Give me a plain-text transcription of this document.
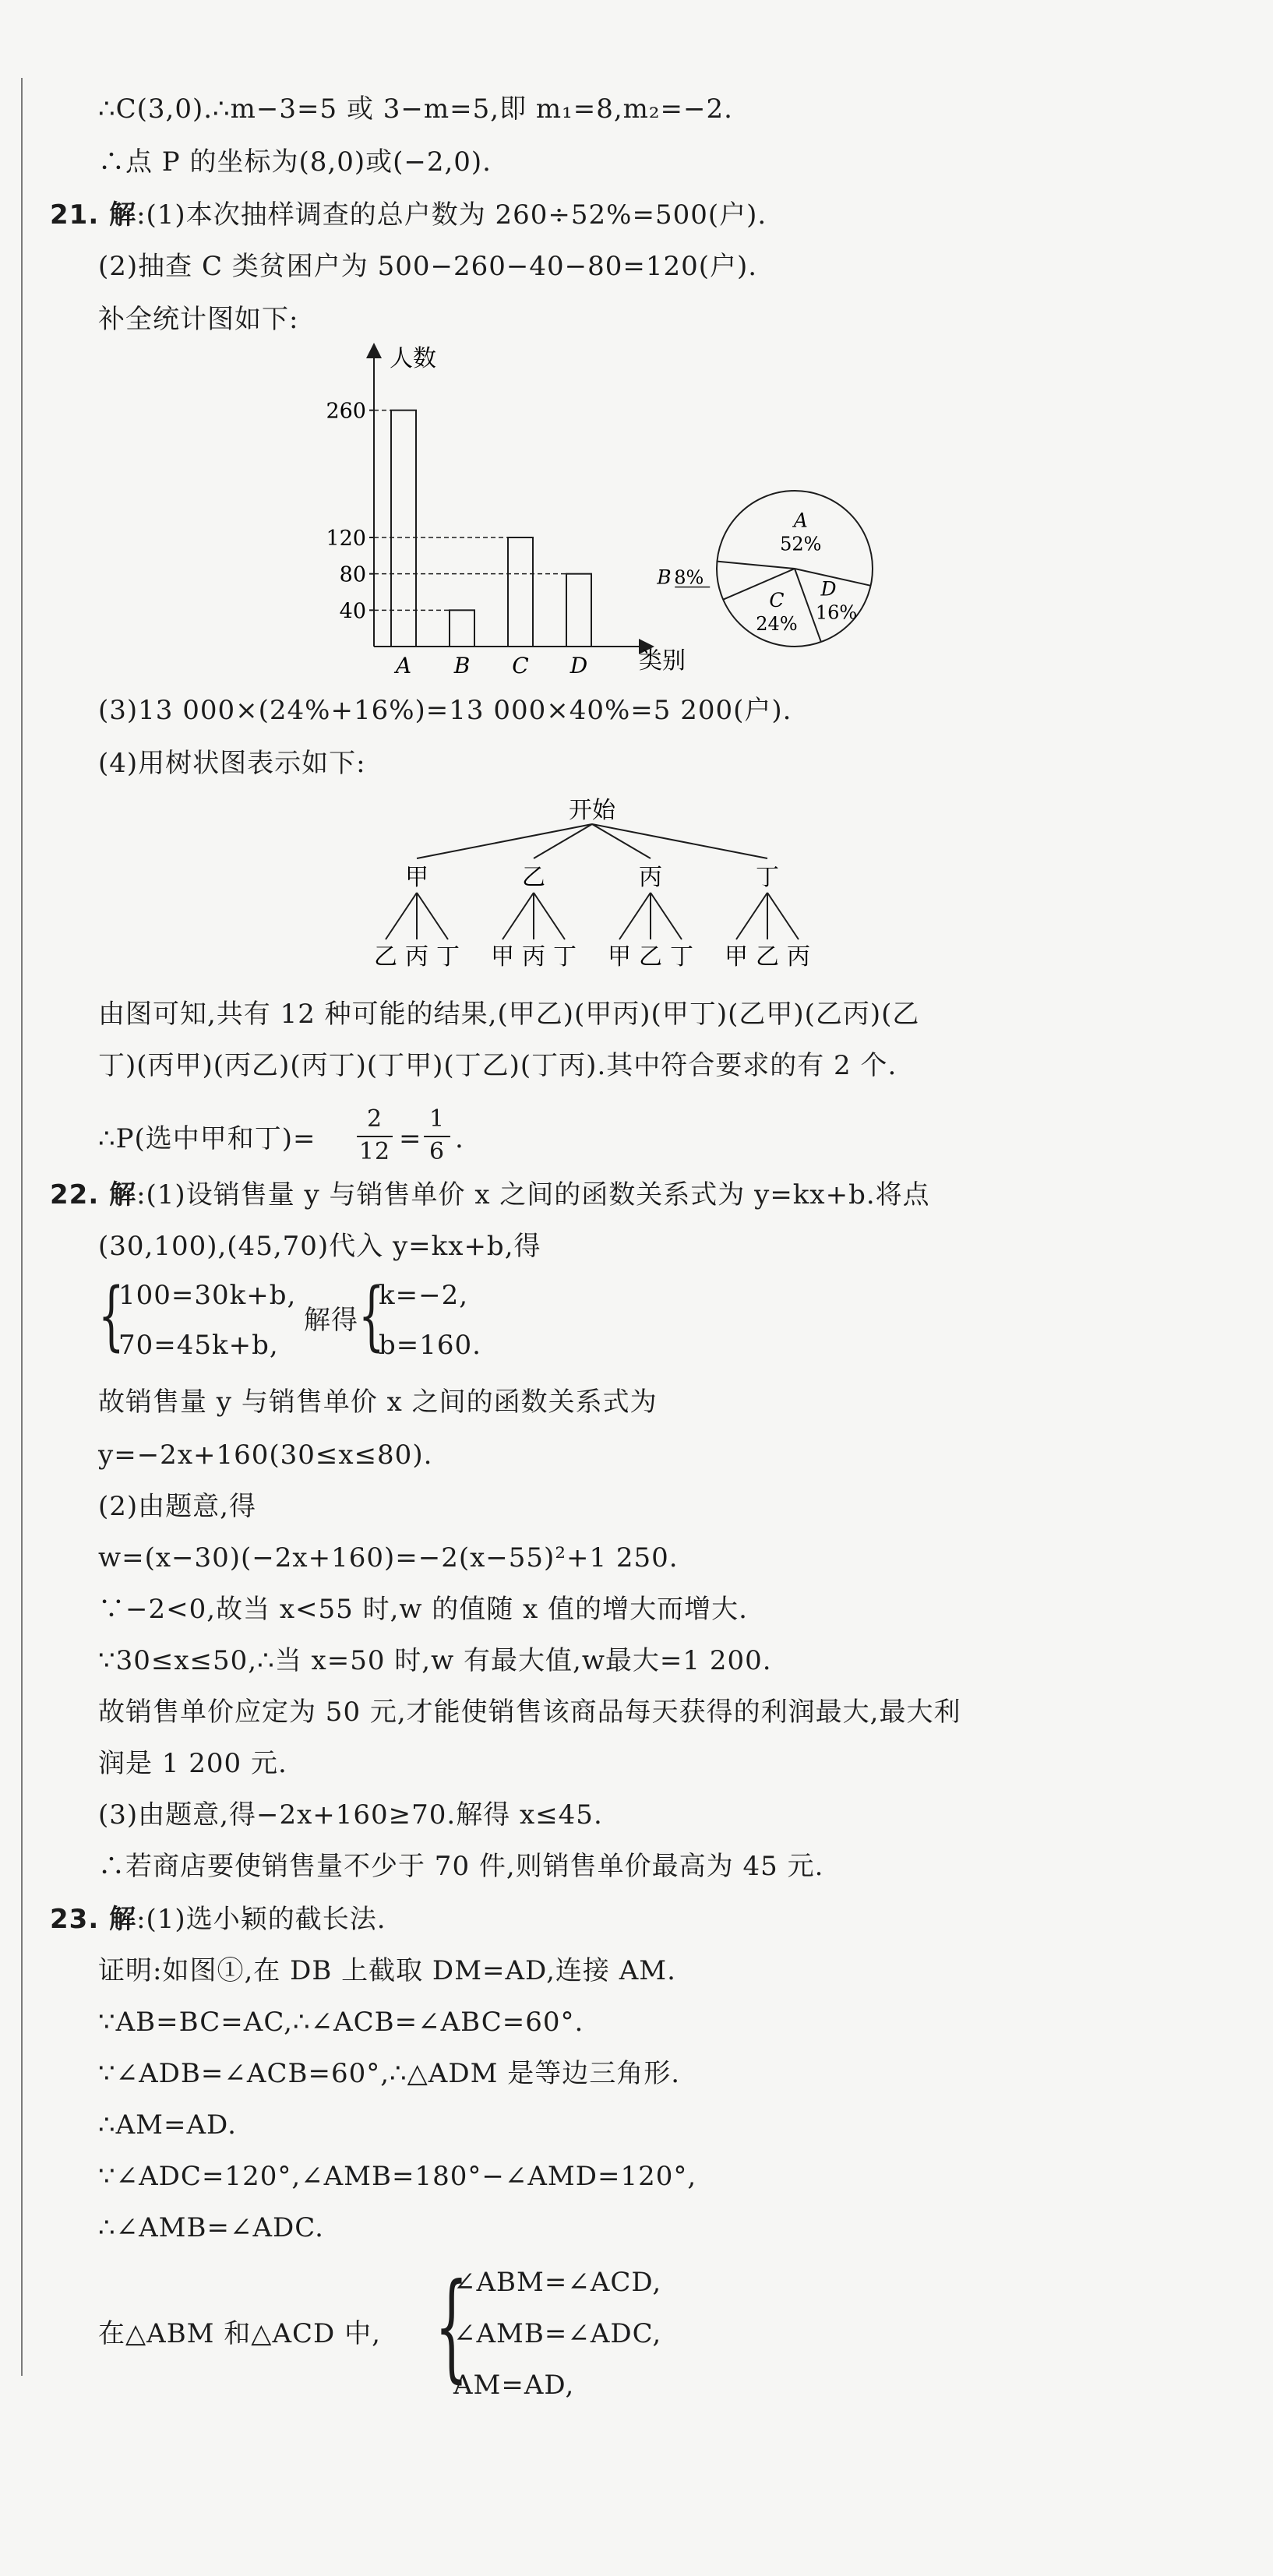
∴C(3,0).∴m−3=5 或 3−m=5,即 m₁=8,m₂=−2.
∴点 P 的坐标为(8,0)或(−2,0).
21. 解:(1)本次抽样调查的总户数为 260÷52%=500(户).
(2)抽查 C 类贫困户为 500−260−40−80=120(户).
补全统计图如下:
A B C D
40
80
120
260
人数
类别
A
52%
D
16%
C
24%
B 8%
(3)13 000×(24%+16%)=13 000×40%=5 200(户).
(4)用树状图表示如下:
开始
甲
乙 丙 丁
乙
甲 丙 丁
丙
甲 乙 丁
丁
甲 乙 丙
由图可知,共有 12 种可能的结果,(甲乙)(甲丙)(甲丁)(乙甲)(乙丙)(乙
丁)(丙甲)(丙乙)(丙丁)(丁甲)(丁乙)(丁丙).其中符合要求的有 2 个.
∴P(选中甲和丁)=
2
12 =
1
6 .
22. 解:(1)设销售量 y 与销售单价 x 之间的函数关系式为 y=kx+b.将点
(30,100),(45,70)代入 y=kx+b,得
{
100=30k+b,
70=45k+b,
解得 {
k=−2,
b=160.
故销售量 y 与销售单价 x 之间的函数关系式为
y=−2x+160(30≤x≤80).
(2)由题意,得
w=(x−30)(−2x+160)=−2(x−55)²+1 250.
∵−2<0,故当 x<55 时,w 的值随 x 值的增大而增大.
∵30≤x≤50,∴当 x=50 时,w 有最大值,w最大=1 200.
故销售单价应定为 50 元,才能使销售该商品每天获得的利润最大,最大利
润是 1 200 元.
(3)由题意,得−2x+160≥70.解得 x≤45.
∴若商店要使销售量不少于 70 件,则销售单价最高为 45 元.
23. 解:(1)选小颖的截长法.
证明:如图①,在 DB 上截取 DM=AD,连接 AM.
∵AB=BC=AC,∴∠ACB=∠ABC=60°.
∵∠ADB=∠ACB=60°,∴△ADM 是等边三角形.
∴AM=AD.
∵∠ADC=120°,∠AMB=180°−∠AMD=120°,
∴∠AMB=∠ADC.
在△ABM 和△ACD 中, {
∠ABM=∠ACD,
∠AMB=∠ADC,
AM=AD,
